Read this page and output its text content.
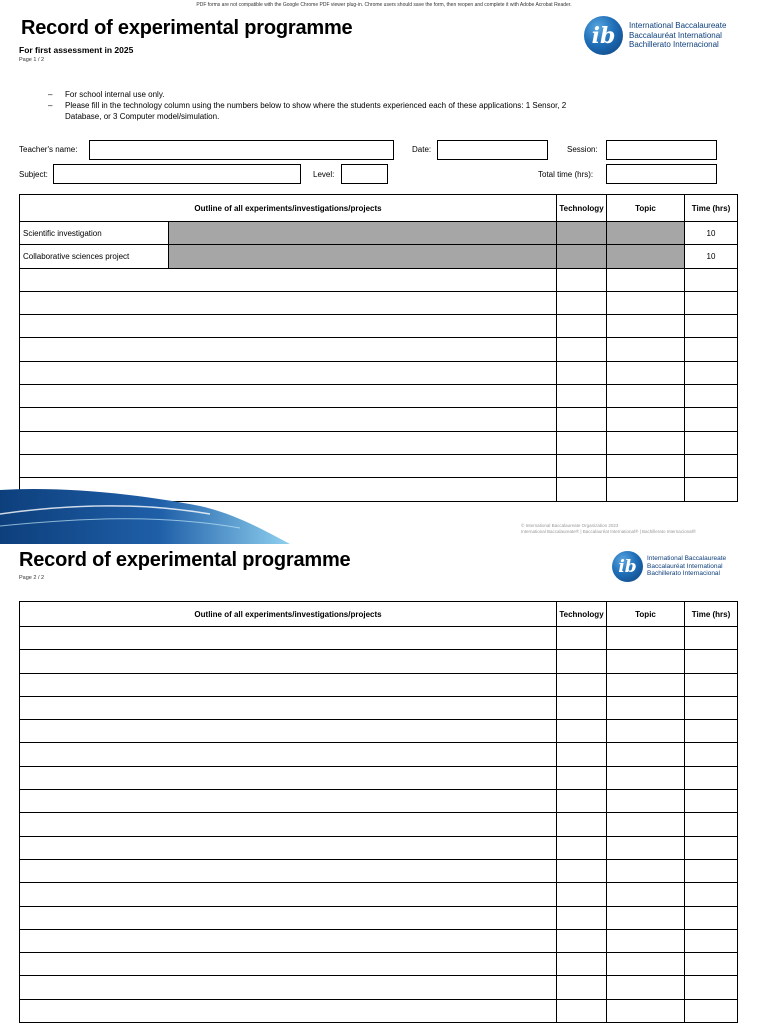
PDF forms are not compatible with the Google Chrome PDF viewer plug-in. Chrome users should save the form, then reopen and complete it with Adobe Acrobat Reader.
Record of experimental programme
For first assessment in 2025
Page 1 / 2
ib	International Baccalaureate
Baccalauréat International
Bachillerato Internacional
–	For school internal use only.
–	Please fill in the technology column using the numbers below to show where the students experienced each of these applications: 1 Sensor, 2 Database, or 3 Computer model/simulation.
Teacher's name:	Date:	Session:
Subject:	Level:	Total time (hrs):
Outline of all experiments/investigations/projects		Technology	Topic	Time (hrs)
Scientific investigation				10
Collaborative sciences project				10

© International Baccalaureate Organization 2023
International Baccalaureate® | Baccalauréat International® | Bachillerato Internacional®
Record of experimental programme
Page 2 / 2
ib	International Baccalaureate
Baccalauréat International
Bachillerato Internacional
Outline of all experiments/investigations/projects	Technology	Topic	Time (hrs)
